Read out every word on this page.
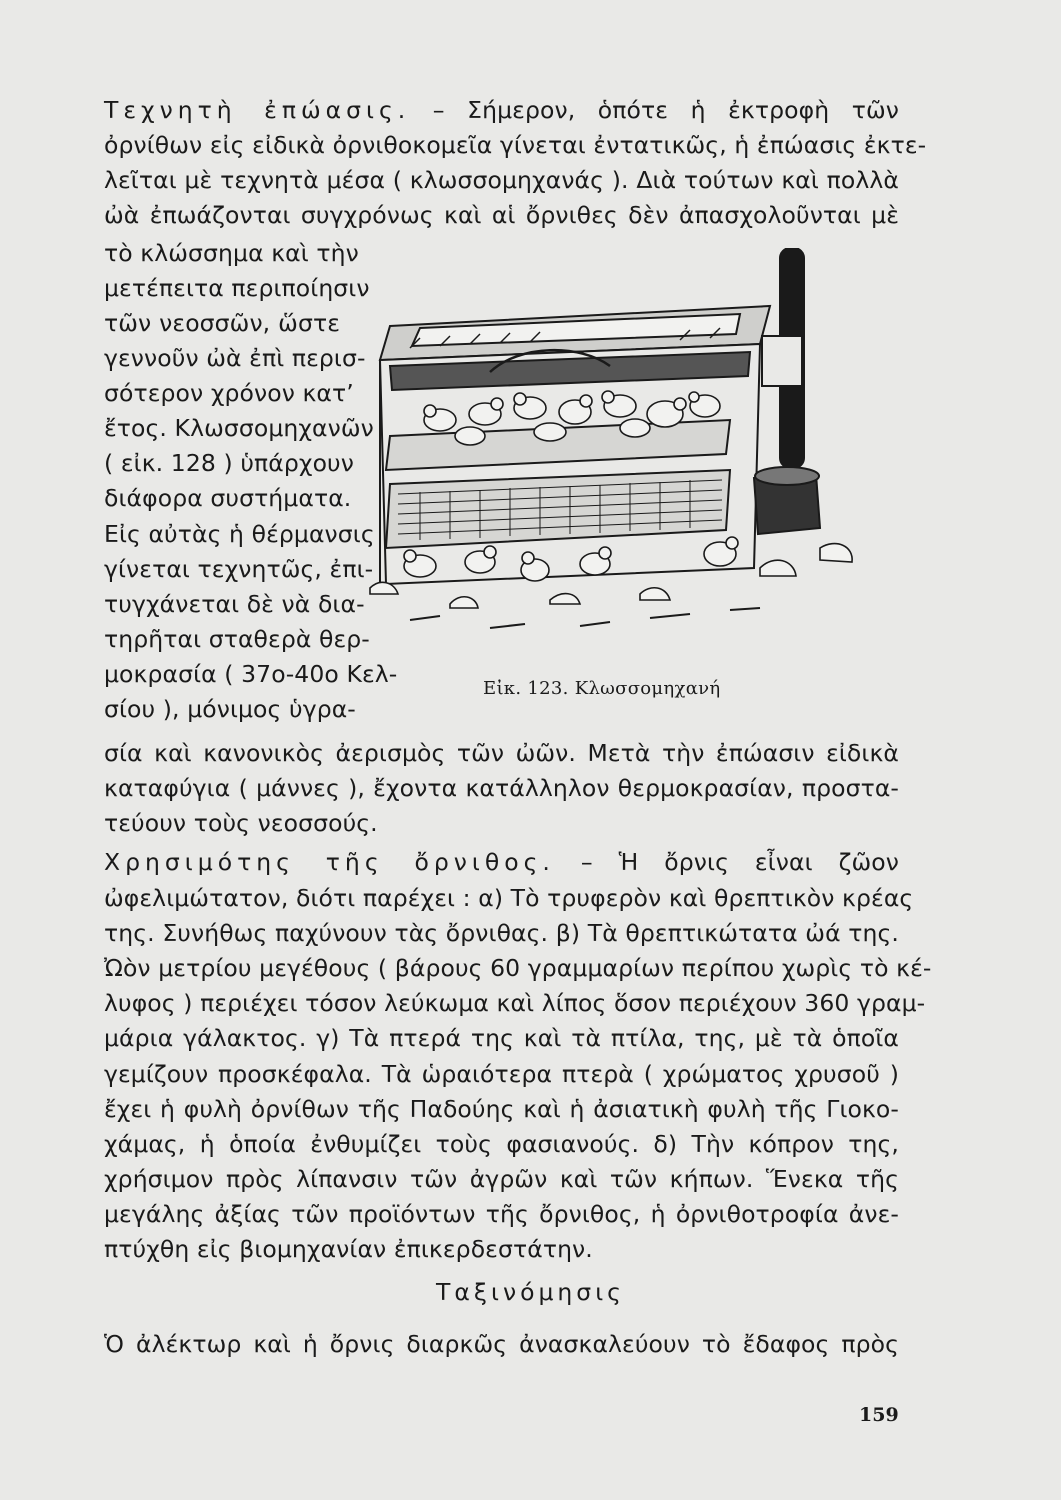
Τεχνητὴ ἐπώασις. – Σήμερον, ὁπότε ἡ ἐκτροφὴ τῶν
ὀρνίθων εἰς εἰδικὰ ὀρνιθοκομεῖα γίνεται ἐντατικῶς, ἡ ἐπώασις ἐκτε-
λεῖται μὲ τεχνητὰ μέσα ( κλωσσομηχανάς ). Διὰ τούτων καὶ πολλὰ
ὠὰ ἐπωάζονται συγχρόνως καὶ αἱ ὄρνιθες δὲν ἀπασχολοῦνται μὲ
τὸ κλώσσημα καὶ τὴν
μετέπειτα περιποίησιν
τῶν νεοσσῶν, ὥστε
γεννοῦν ὠὰ ἐπὶ περισ-
σότερον χρόνον κατ’
ἔτος. Κλωσσομηχανῶν
( εἰκ. 128 ) ὑπάρχουν
διάφορα συστήματα.
Εἰς αὐτὰς ἡ θέρμανσις
γίνεται τεχνητῶς, ἐπι-
τυγχάνεται δὲ νὰ δια-
τηρῆται σταθερὰ θερ-
μοκρασία ( 37ο-40ο Κελ-
σίου ), μόνιμος ὑγρα-
Εἰκ. 123. Κλωσσομηχανή
σία καὶ κανονικὸς ἀερισμὸς τῶν ὠῶν. Μετὰ τὴν ἐπώασιν εἰδικὰ
καταφύγια ( μάννες ), ἔχοντα κατάλληλον θερμοκρασίαν, προστα-
τεύουν τοὺς νεοσσούς.
Χρησιμότης τῆς ὄρνιθος. – Ἡ ὄρνις εἶναι ζῶον
ὠφελιμώτατον, διότι παρέχει : α) Τὸ τρυφερὸν καὶ θρεπτικὸν κρέας
της. Συνήθως παχύνουν τὰς ὄρνιθας. β) Τὰ θρεπτικώτατα ὠά της.
Ὠὸν μετρίου μεγέθους ( βάρους 60 γραμμαρίων περίπου χωρὶς τὸ κέ-
λυφος ) περιέχει τόσον λεύκωμα καὶ λίπος ὅσον περιέχουν 360 γραμ-
μάρια γάλακτος. γ) Τὰ πτερά της καὶ τὰ πτίλα, της, μὲ τὰ ὁποῖα
γεμίζουν προσκέφαλα. Τὰ ὡραιότερα πτερὰ ( χρώματος χρυσοῦ )
ἔχει ἡ φυλὴ ὀρνίθων τῆς Παδούης καὶ ἡ ἀσιατικὴ φυλὴ τῆς Γιοκο-
χάμας, ἡ ὁποία ἐνθυμίζει τοὺς φασιανούς. δ) Τὴν κόπρον της,
χρήσιμον πρὸς λίπανσιν τῶν ἀγρῶν καὶ τῶν κήπων. Ἕνεκα τῆς
μεγάλης ἀξίας τῶν προϊόντων τῆς ὄρνιθος, ἡ ὀρνιθοτροφία ἀνε-
πτύχθη εἰς βιομηχανίαν ἐπικερδεστάτην.
Ταξινόμησις
Ὁ ἀλέκτωρ καὶ ἡ ὄρνις διαρκῶς ἀνασκαλεύουν τὸ ἔδαφος πρὸς
159
